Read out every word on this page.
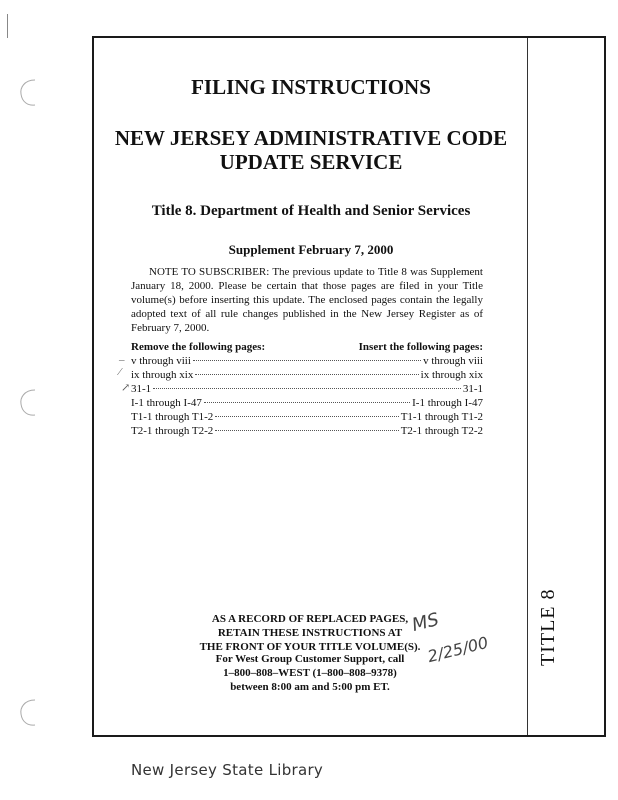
TITLE 8
FILING INSTRUCTIONS
NEW JERSEY ADMINISTRATIVE CODE
UPDATE SERVICE
Title 8. Department of Health and Senior Services
Supplement February 7, 2000
NOTE TO SUBSCRIBER: The previous update to Title 8 was Supplement January 18, 2000. Please be certain that those pages are filed in your Title volume(s) before inserting this update. The enclosed pages contain the legally adopted text of all rule changes published in the New Jersey Register as of February 7, 2000.
Remove the following pages:	Insert the following pages:
–
⁄
↗
v through viii	v through viii
ix through xix	ix through xix
31-1	31-1
I-1 through I-47	I-1 through I-47
T1-1 through T1-2	T1-1 through T1-2
T2-1 through T2-2	T2-1 through T2-2
AS A RECORD OF REPLACED PAGES,
RETAIN THESE INSTRUCTIONS AT
THE FRONT OF YOUR TITLE VOLUME(S).
For West Group Customer Support, call
1–800–808–WEST (1–800–808–9378)
between 8:00 am and 5:00 pm ET.
MS
2/25/00
New Jersey State Library
